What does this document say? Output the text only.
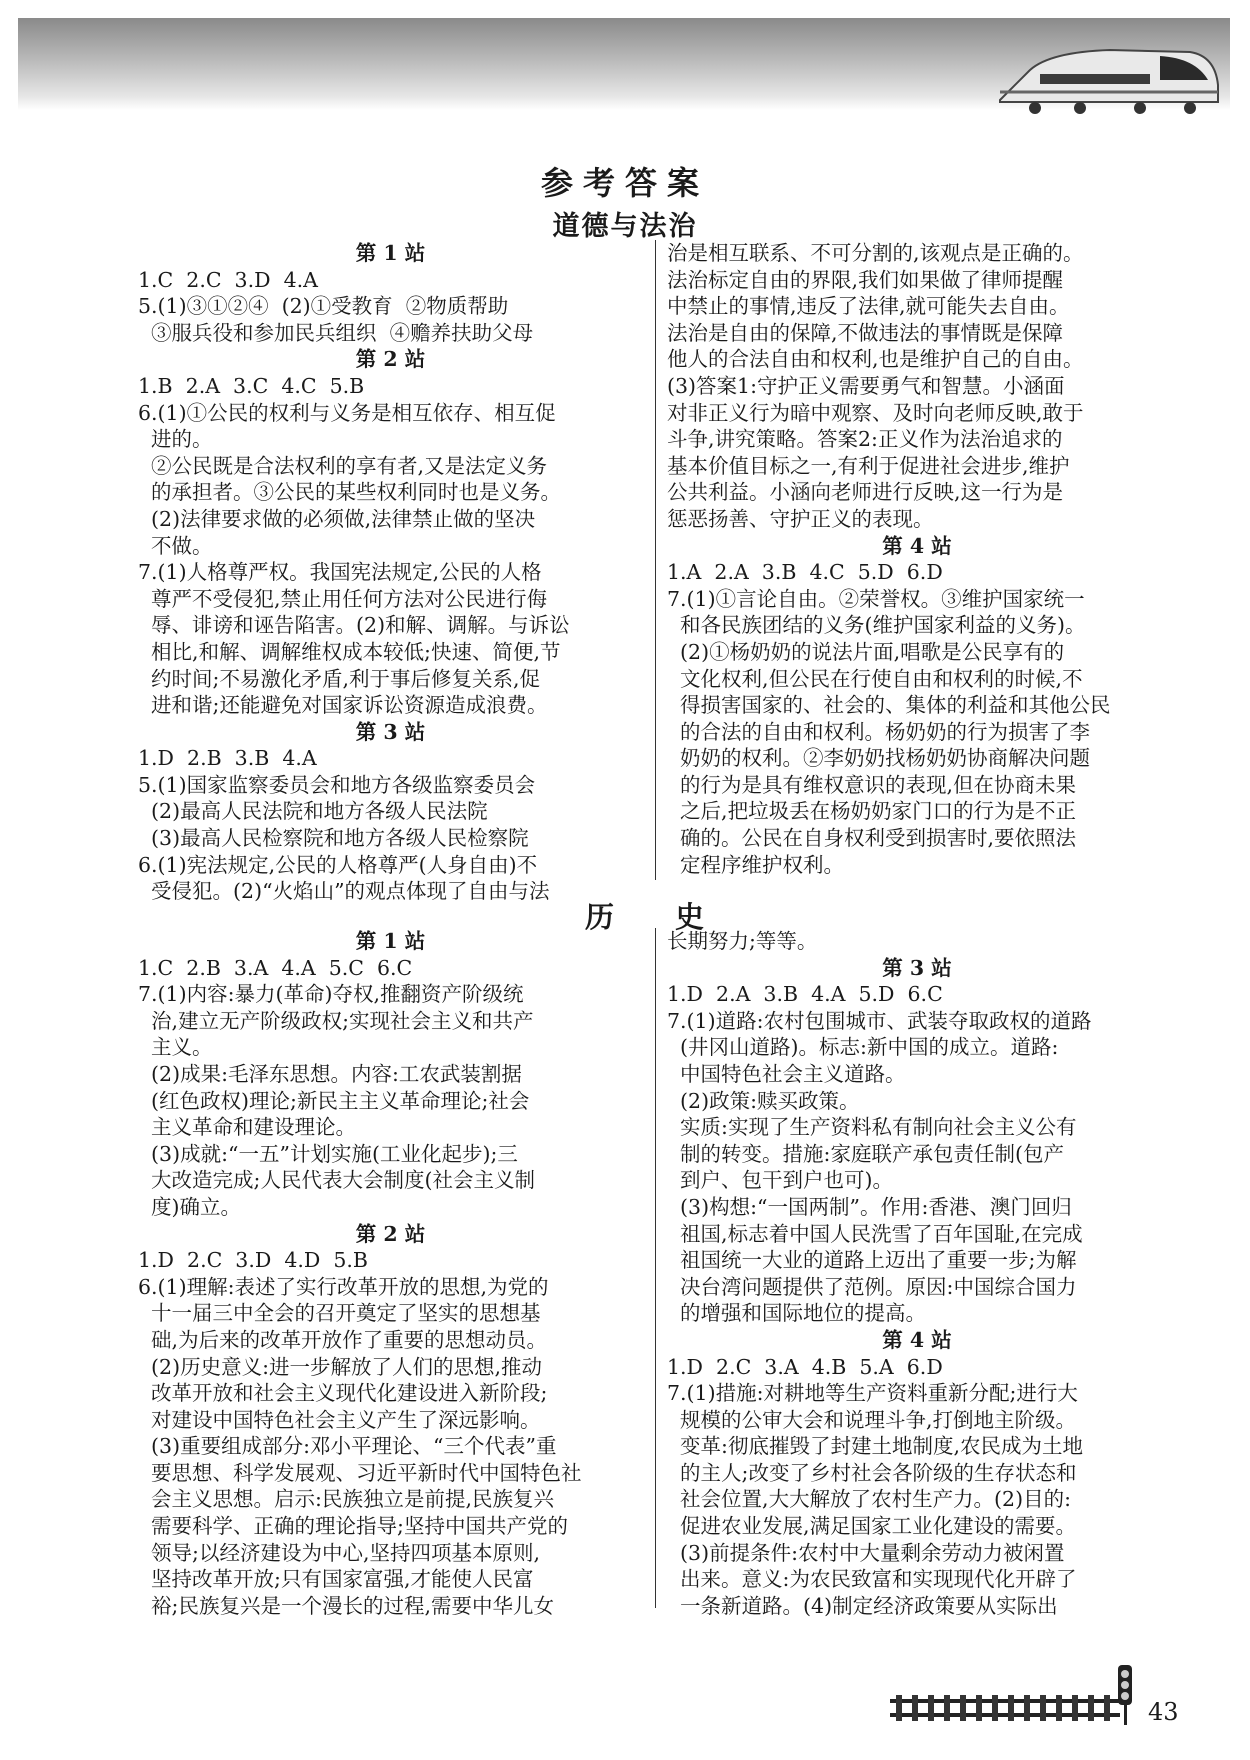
参考答案
道德与法治

第 1 站

1.C  2.C  3.D  4.A

5.(1)③①②④  (2)①受教育  ②物质帮助

③服兵役和参加民兵组织  ④赡养扶助父母

第 2 站

1.B  2.A  3.C  4.C  5.B

6.(1)①公民的权利与义务是相互依存、相互促

进的。

②公民既是合法权利的享有者,又是法定义务

的承担者。③公民的某些权利同时也是义务。

(2)法律要求做的必须做,法律禁止做的坚决

不做。

7.(1)人格尊严权。我国宪法规定,公民的人格

尊严不受侵犯,禁止用任何方法对公民进行侮

辱、诽谤和诬告陷害。(2)和解、调解。与诉讼

相比,和解、调解维权成本较低;快速、简便,节

约时间;不易激化矛盾,利于事后修复关系,促

进和谐;还能避免对国家诉讼资源造成浪费。

第 3 站

1.D  2.B  3.B  4.A

5.(1)国家监察委员会和地方各级监察委员会

(2)最高人民法院和地方各级人民法院

(3)最高人民检察院和地方各级人民检察院

6.(1)宪法规定,公民的人格尊严(人身自由)不

受侵犯。(2)“火焰山”的观点体现了自由与法

治是相互联系、不可分割的,该观点是正确的。

法治标定自由的界限,我们如果做了律师提醒

中禁止的事情,违反了法律,就可能失去自由。

法治是自由的保障,不做违法的事情既是保障

他人的合法自由和权利,也是维护自己的自由。

(3)答案1:守护正义需要勇气和智慧。小涵面

对非正义行为暗中观察、及时向老师反映,敢于

斗争,讲究策略。答案2:正义作为法治追求的

基本价值目标之一,有利于促进社会进步,维护

公共利益。小涵向老师进行反映,这一行为是

惩恶扬善、守护正义的表现。

第 4 站

1.A  2.A  3.B  4.C  5.D  6.D

7.(1)①言论自由。②荣誉权。③维护国家统一

和各民族团结的义务(维护国家利益的义务)。

(2)①杨奶奶的说法片面,唱歌是公民享有的

文化权利,但公民在行使自由和权利的时候,不

得损害国家的、社会的、集体的利益和其他公民

的合法的自由和权利。杨奶奶的行为损害了李

奶奶的权利。②李奶奶找杨奶奶协商解决问题

的行为是具有维权意识的表现,但在协商未果

之后,把垃圾丢在杨奶奶家门口的行为是不正

确的。公民在自身权利受到损害时,要依照法

定程序维护权利。

历 史

第 1 站

1.C  2.B  3.A  4.A  5.C  6.C

7.(1)内容:暴力(革命)夺权,推翻资产阶级统

治,建立无产阶级政权;实现社会主义和共产

主义。

(2)成果:毛泽东思想。内容:工农武装割据

(红色政权)理论;新民主主义革命理论;社会

主义革命和建设理论。

(3)成就:“一五”计划实施(工业化起步);三

大改造完成;人民代表大会制度(社会主义制

度)确立。

第 2 站

1.D  2.C  3.D  4.D  5.B

6.(1)理解:表述了实行改革开放的思想,为党的

十一届三中全会的召开奠定了坚实的思想基

础,为后来的改革开放作了重要的思想动员。

(2)历史意义:进一步解放了人们的思想,推动

改革开放和社会主义现代化建设进入新阶段;

对建设中国特色社会主义产生了深远影响。

(3)重要组成部分:邓小平理论、“三个代表”重

要思想、科学发展观、习近平新时代中国特色社

会主义思想。启示:民族独立是前提,民族复兴

需要科学、正确的理论指导;坚持中国共产党的

领导;以经济建设为中心,坚持四项基本原则,

坚持改革开放;只有国家富强,才能使人民富

裕;民族复兴是一个漫长的过程,需要中华儿女

长期努力;等等。

第 3 站

1.D  2.A  3.B  4.A  5.D  6.C

7.(1)道路:农村包围城市、武装夺取政权的道路

(井冈山道路)。标志:新中国的成立。道路:

中国特色社会主义道路。

(2)政策:赎买政策。

实质:实现了生产资料私有制向社会主义公有

制的转变。措施:家庭联产承包责任制(包产

到户、包干到户也可)。

(3)构想:“一国两制”。作用:香港、澳门回归

祖国,标志着中国人民洗雪了百年国耻,在完成

祖国统一大业的道路上迈出了重要一步;为解

决台湾问题提供了范例。原因:中国综合国力

的增强和国际地位的提高。

第 4 站

1.D  2.C  3.A  4.B  5.A  6.D

7.(1)措施:对耕地等生产资料重新分配;进行大

规模的公审大会和说理斗争,打倒地主阶级。

变革:彻底摧毁了封建土地制度,农民成为土地

的主人;改变了乡村社会各阶级的生存状态和

社会位置,大大解放了农村生产力。(2)目的:

促进农业发展,满足国家工业化建设的需要。

(3)前提条件:农村中大量剩余劳动力被闲置

出来。意义:为农民致富和实现现代化开辟了

一条新道路。(4)制定经济政策要从实际出

43
